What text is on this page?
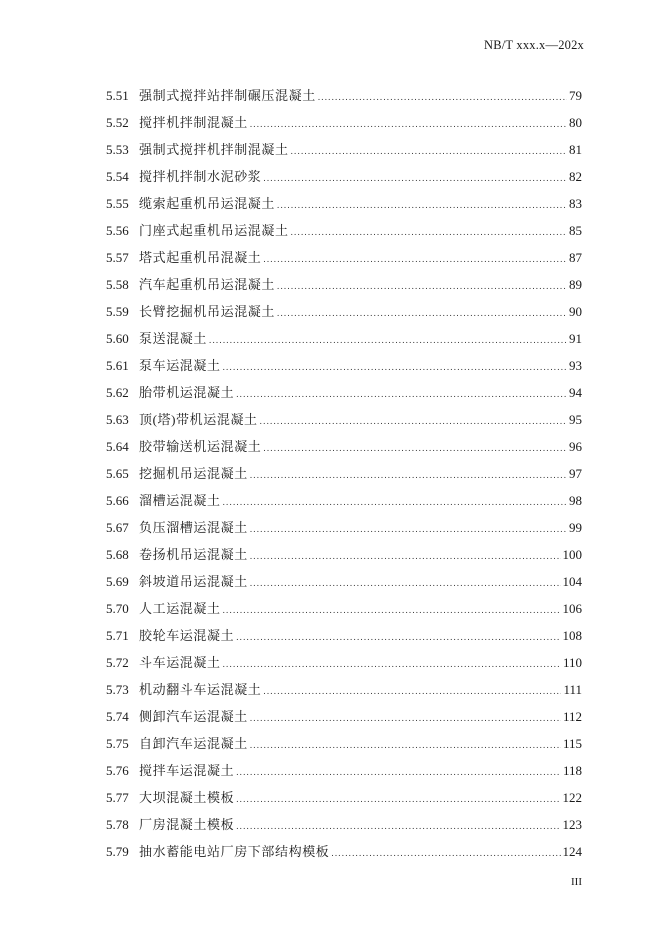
NB/T xxx.x—202x
5.51 强制式搅拌站拌制碾压混凝土 .....	79
5.52 搅拌机拌制混凝土 .....	80
5.53 强制式搅拌机拌制混凝土 .....	81
5.54 搅拌机拌制水泥砂浆 .....	82
5.55 缆索起重机吊运混凝土 .....	83
5.56 门座式起重机吊运混凝土 .....	85
5.57 塔式起重机吊混凝土 .....	87
5.58 汽车起重机吊运混凝土 .....	89
5.59 长臂挖掘机吊运混凝土 .....	90
5.60 泵送混凝土 .....	91
5.61 泵车运混凝土 .....	93
5.62 胎带机运混凝土 .....	94
5.63 顶(塔)带机运混凝土 .....	95
5.64 胶带输送机运混凝土 .....	96
5.65 挖掘机吊运混凝土 .....	97
5.66 溜槽运混凝土 .....	98
5.67 负压溜槽运混凝土 .....	99
5.68 卷扬机吊运混凝土 .....	100
5.69 斜坡道吊运混凝土 .....	104
5.70 人工运混凝土 .....	106
5.71 胶轮车运混凝土 .....	108
5.72 斗车运混凝土 .....	110
5.73 机动翻斗车运混凝土 .....	111
5.74 侧卸汽车运混凝土 .....	112
5.75 自卸汽车运混凝土 .....	115
5.76 搅拌车运混凝土 .....	118
5.77 大坝混凝土模板 .....	122
5.78 厂房混凝土模板 .....	123
5.79 抽水蓄能电站厂房下部结构模板 .....	124
III
